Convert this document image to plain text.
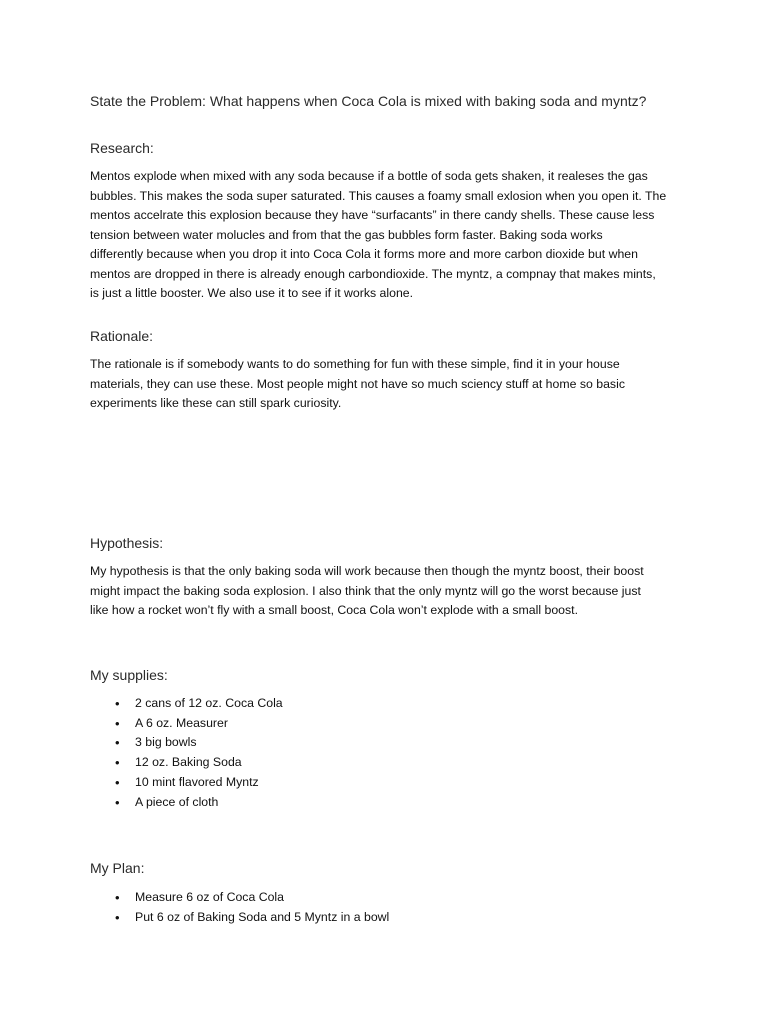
State the Problem: What happens when Coca Cola is mixed with baking soda and myntz?
Research:
Mentos explode when mixed with any soda because if a bottle of soda gets shaken, it realeses the gas
bubbles. This makes the soda super saturated. This causes a foamy small exlosion when you open it. The
mentos accelrate this explosion because they have “surfacants” in there candy shells. These cause less
tension between water molucles and from that the gas bubbles form faster. Baking soda works
differently because when you drop it into Coca Cola it forms more and more carbon dioxide but when
mentos are dropped in there is already enough carbondioxide. The myntz, a compnay that makes mints,
is just a little booster. We also use it to see if it works alone.
Rationale:
The rationale is if somebody wants to do something for fun with these simple, find it in your house
materials, they can use these. Most people might not have so much sciency stuff at home so basic
experiments like these can still spark curiosity.
Hypothesis:
My hypothesis is that the only baking soda will work because then though the myntz boost, their boost
might impact the baking soda explosion. I also think that the only myntz will go the worst because just
like how a rocket won’t fly with a small boost, Coca Cola won’t explode with a small boost.
My supplies:
• 2 cans of 12 oz. Coca Cola
• A 6 oz. Measurer
• 3 big bowls
• 12 oz. Baking Soda
• 10 mint flavored Myntz
• A piece of cloth
My Plan:
• Measure 6 oz of Coca Cola
• Put 6 oz of Baking Soda and 5 Myntz in a bowl
